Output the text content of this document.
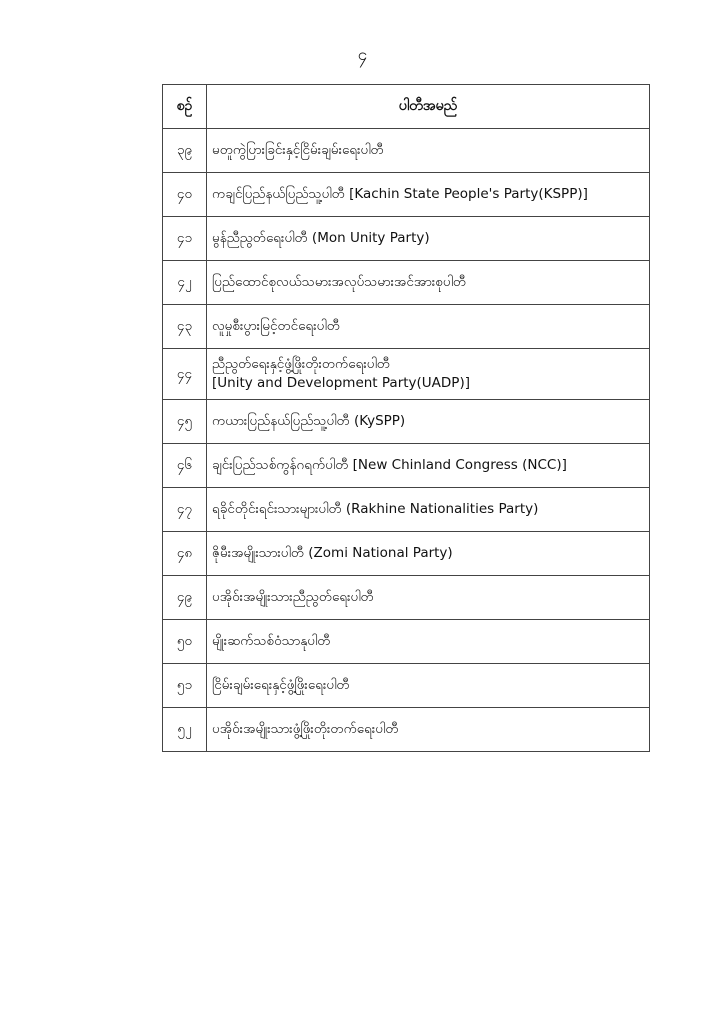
၄
စဉ်	ပါတီအမည်
၃၉	မတူကွဲပြားခြင်းနှင့်ငြိမ်းချမ်းရေးပါတီ

၄၀	ကချင်ပြည်နယ်ပြည်သူ့ပါတီ [Kachin State People's Party(KSPP)]

၄၁	မွန်ညီညွတ်ရေးပါတီ (Mon Unity Party)

၄၂	ပြည်ထောင်စုလယ်သမားအလုပ်သမားအင်အားစုပါတီ

၄၃	လူမှုစီးပွားမြင့်တင်ရေးပါတီ

၄၄	ညီညွတ်ရေးနှင့်ဖွံ့ဖြိုးတိုးတက်ရေးပါတီ
[Unity and Development Party(UADP)]

၄၅	ကယားပြည်နယ်ပြည်သူ့ပါတီ (KySPP)

၄၆	ချင်းပြည်သစ်ကွန်ဂရက်ပါတီ [New Chinland Congress (NCC)]

၄၇	ရခိုင်တိုင်းရင်းသားများပါတီ (Rakhine Nationalities Party)

၄၈	ဇိုမီးအမျိုးသားပါတီ (Zomi National Party)

၄၉	ပအိုဝ်းအမျိုးသားညီညွတ်ရေးပါတီ

၅၀	မျိုးဆက်သစ်ဝံသာနုပါတီ

၅၁	ငြိမ်းချမ်းရေးနှင့်ဖွံ့ဖြိုးရေးပါတီ

၅၂	ပအိုဝ်းအမျိုးသားဖွံ့ဖြိုးတိုးတက်ရေးပါတီ
